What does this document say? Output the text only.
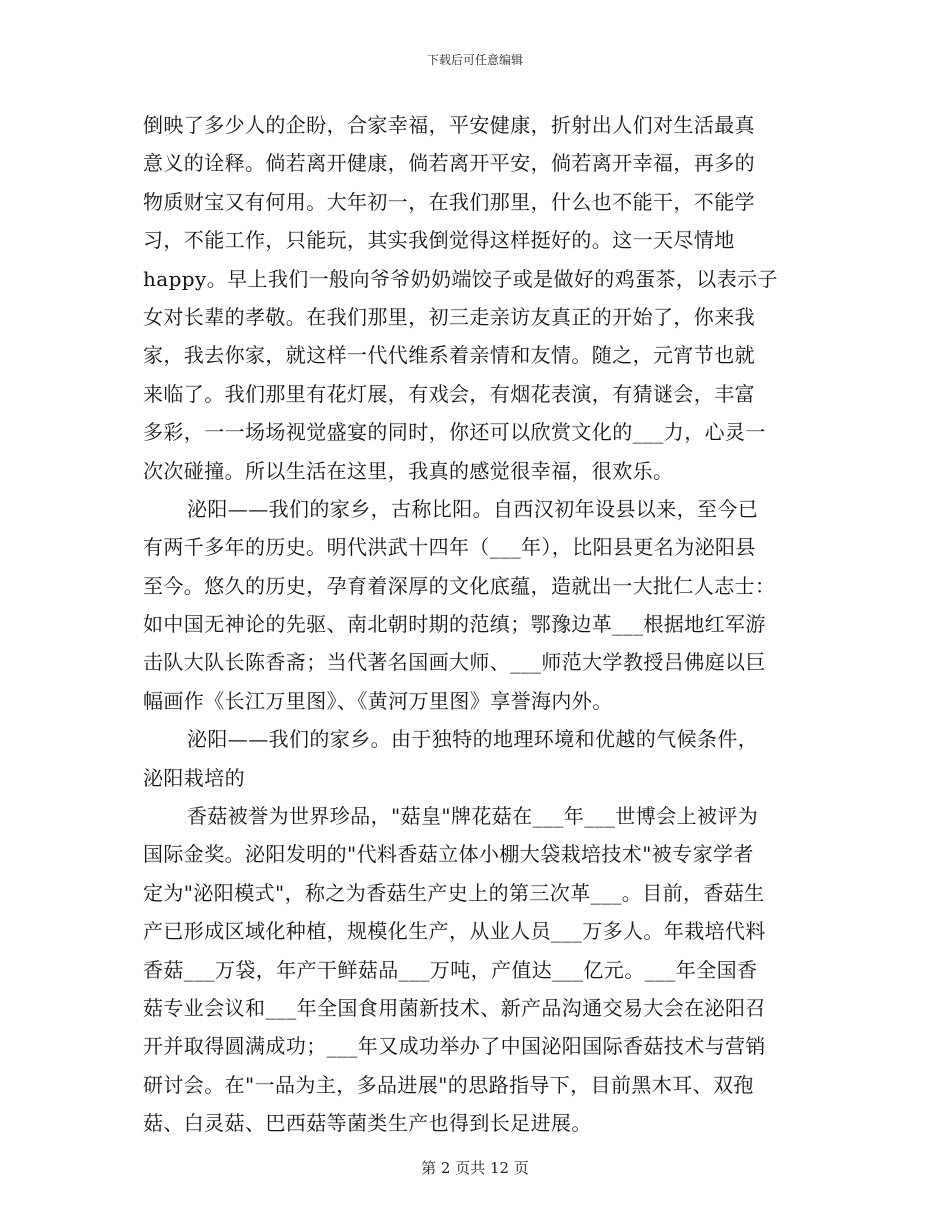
下载后可任意编辑
倒映了多少人的企盼，合家幸福，平安健康，折射出人们对生活最真
意义的诠释。倘若离开健康，倘若离开平安，倘若离开幸福，再多的
物质财宝又有何用。大年初一，在我们那里，什么也不能干，不能学
习，不能工作，只能玩，其实我倒觉得这样挺好的。这一天尽情地
happy。早上我们一般向爷爷奶奶端饺子或是做好的鸡蛋茶，以表示子
女对长辈的孝敬。在我们那里，初三走亲访友真正的开始了，你来我
家，我去你家，就这样一代代维系着亲情和友情。随之，元宵节也就
来临了。我们那里有花灯展，有戏会，有烟花表演，有猜谜会，丰富
多彩，一一场场视觉盛宴的同时，你还可以欣赏文化的___力，心灵一
次次碰撞。所以生活在这里，我真的感觉很幸福，很欢乐。
泌阳——我们的家乡，古称比阳。自西汉初年设县以来，至今已
有两千多年的历史。明代洪武十四年（___年），比阳县更名为泌阳县
至今。悠久的历史，孕育着深厚的文化底蕴，造就出一大批仁人志士：
如中国无神论的先驱、南北朝时期的范缜；鄂豫边革___根据地红军游
击队大队长陈香斋；当代著名国画大师、___师范大学教授吕佛庭以巨
幅画作《长江万里图》、《黄河万里图》享誉海内外。
泌阳——我们的家乡。由于独特的地理环境和优越的气候条件，
泌阳栽培的
香菇被誉为世界珍品，"菇皇"牌花菇在___年___世博会上被评为
国际金奖。泌阳发明的"代料香菇立体小棚大袋栽培技术"被专家学者
定为"泌阳模式"，称之为香菇生产史上的第三次革___。目前，香菇生
产已形成区域化种植，规模化生产，从业人员___万多人。年栽培代料
香菇___万袋，年产干鲜菇品___万吨，产值达___亿元。___年全国香
菇专业会议和___年全国食用菌新技术、新产品沟通交易大会在泌阳召
开并取得圆满成功；___年又成功举办了中国泌阳国际香菇技术与营销
研讨会。在"一品为主，多品进展"的思路指导下，目前黑木耳、双孢
菇、白灵菇、巴西菇等菌类生产也得到长足进展。
第 2 页共 12 页
